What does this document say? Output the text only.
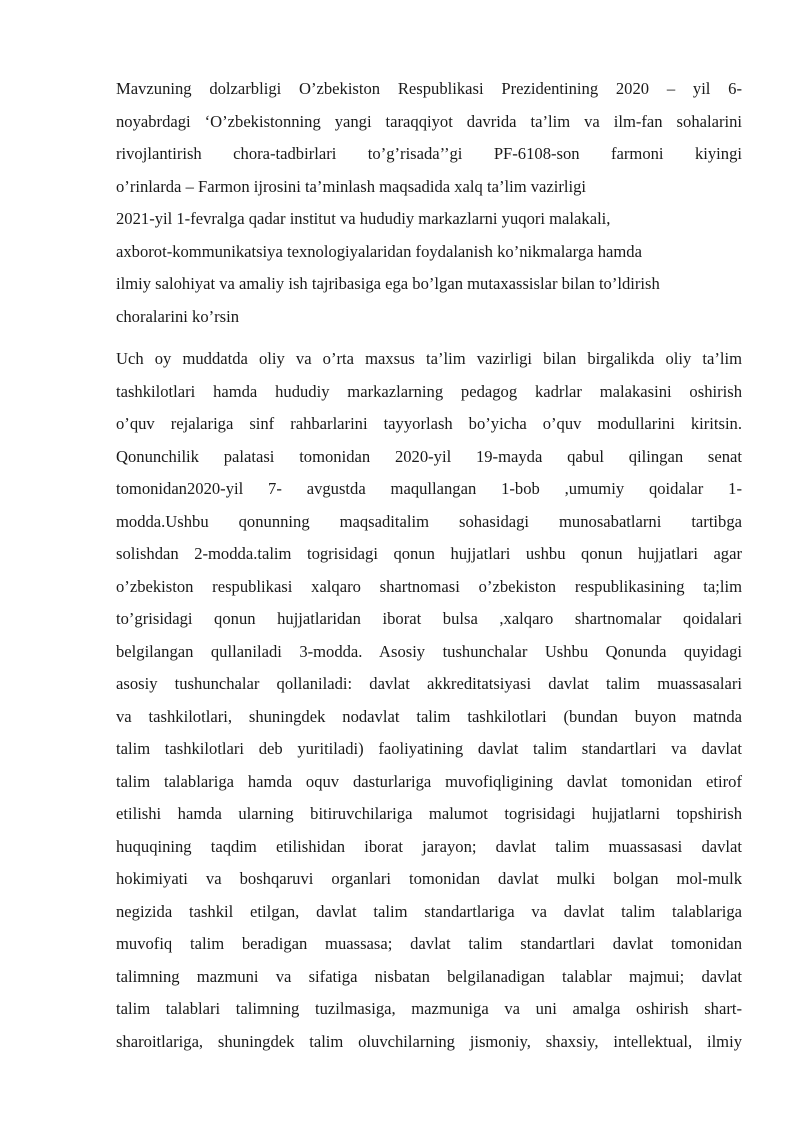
Mavzuning dolzarbligi O’zbekiston Respublikasi Prezidentining 2020 – yil 6-
noyabrdagi ‘O’zbekistonning yangi taraqqiyot davrida ta’lim va ilm-fan sohalarini
rivojlantirish chora-tadbirlari to’g’risada’’gi PF-6108-son farmoni kiyingi
o’rinlarda – Farmon ijrosini ta’minlash maqsadida xalq ta’lim vazirligi
2021-yil 1-fevralga qadar institut va hududiy markazlarni yuqori malakali,
axborot-kommunikatsiya texnologiyalaridan foydalanish ko’nikmalarga hamda
ilmiy salohiyat va amaliy ish tajribasiga ega bo’lgan mutaxassislar bilan to’ldirish
choralarini ko’rsin
Uch oy muddatda oliy va o’rta maxsus ta’lim vazirligi bilan birgalikda oliy ta’lim
tashkilotlari hamda hududiy markazlarning pedagog kadrlar malakasini oshirish
o’quv rejalariga sinf rahbarlarini tayyorlash bo’yicha o’quv modullarini kiritsin.
Qonunchilik palatasi tomonidan 2020-yil 19-mayda qabul qilingan senat
tomonidan2020-yil 7- avgustda maqullangan 1-bob ,umumiy qoidalar 1-
modda.Ushbu qonunning maqsaditalim sohasidagi munosabatlarni tartibga
solishdan 2-modda.talim togrisidagi qonun hujjatlari ushbu qonun hujjatlari agar
o’zbekiston respublikasi xalqaro shartnomasi o’zbekiston respublikasining ta;lim
to’grisidagi qonun hujjatlaridan iborat bulsa ,xalqaro shartnomalar qoidalari
belgilangan qullaniladi 3-modda. Asosiy tushunchalar Ushbu Qonunda quyidagi
asosiy tushunchalar qollaniladi: davlat akkreditatsiyasi davlat talim muassasalari
va tashkilotlari, shuningdek nodavlat talim tashkilotlari (bundan buyon matnda
talim tashkilotlari deb yuritiladi) faoliyatining davlat talim standartlari va davlat
talim talablariga hamda oquv dasturlariga muvofiqligining davlat tomonidan etirof
etilishi hamda ularning bitiruvchilariga malumot togrisidagi hujjatlarni topshirish
huquqining taqdim etilishidan iborat jarayon; davlat talim muassasasi davlat
hokimiyati va boshqaruvi organlari tomonidan davlat mulki bolgan mol-mulk
negizida tashkil etilgan, davlat talim standartlariga va davlat talim talablariga
muvofiq talim beradigan muassasa; davlat talim standartlari davlat tomonidan
talimning mazmuni va sifatiga nisbatan belgilanadigan talablar majmui; davlat
talim talablari talimning tuzilmasiga, mazmuniga va uni amalga oshirish shart-
sharoitlariga, shuningdek talim oluvchilarning jismoniy, shaxsiy, intellektual, ilmiy
